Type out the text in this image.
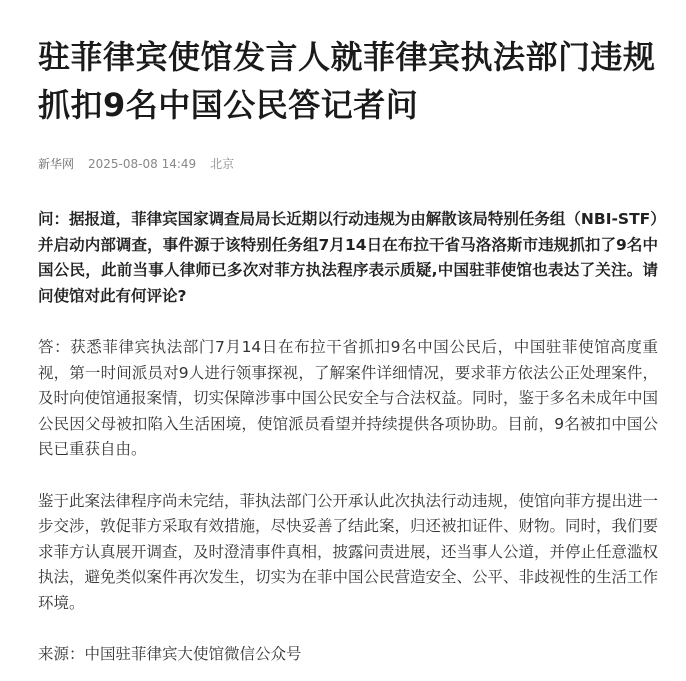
驻菲律宾使馆发言人就菲律宾执法部门违规抓扣9名中国公民答记者问
新华网 2025-08-08 14:49 北京

问：据报道，菲律宾国家调查局局长近期以行动违规为由解散该局特别任务组（NBI-STF）并启动内部调查，事件源于该特别任务组7月14日在布拉干省马洛洛斯市违规抓扣了9名中国公民，此前当事人律师已多次对菲方执法程序表示质疑,中国驻菲使馆也表达了关注。请问使馆对此有何评论?

答：获悉菲律宾执法部门7月14日在布拉干省抓扣9名中国公民后，中国驻菲使馆高度重视，第一时间派员对9人进行领事探视，了解案件详细情况，要求菲方依法公正处理案件，及时向使馆通报案情，切实保障涉事中国公民安全与合法权益。同时，鉴于多名未成年中国公民因父母被扣陷入生活困境，使馆派员看望并持续提供各项协助。目前，9名被扣中国公民已重获自由。

鉴于此案法律程序尚未完结，菲执法部门公开承认此次执法行动违规，使馆向菲方提出进一步交涉，敦促菲方采取有效措施，尽快妥善了结此案，归还被扣证件、财物。同时，我们要求菲方认真展开调查，及时澄清事件真相，披露问责进展，还当事人公道，并停止任意滥权执法，避免类似案件再次发生，切实为在菲中国公民营造安全、公平、非歧视性的生活工作环境。

来源：中国驻菲律宾大使馆微信公众号
